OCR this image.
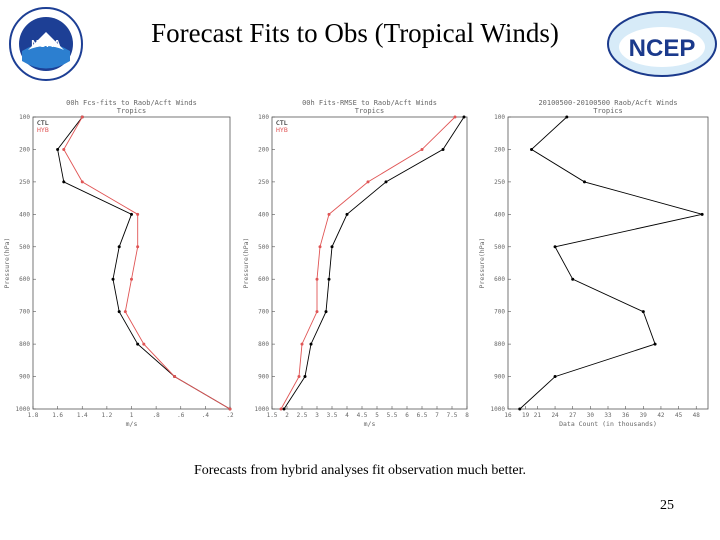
NOAA	Forecast Fits to Obs (Tropical Winds)
NCEP
00h Fcs-fits to Raob/Acft Winds
Tropics
100
200
250
400
500
600
700
800
900
1000
1.8 1.6 1.4 1.2	1	.8	.6	.4	.2
m/s
Pressure(hPa)
CTL
HYB
00h Fits-RMSE to Raob/Acft Winds
Tropics
100
200
250
400
500
600
700
800
900
1000
1.5 2 2.5 3 3.5 4 4.5 5 5.5 6 6.5 7 7.5 8
m/s
Pressure(hPa)
CTL
HYB
20100500-20100500 Raob/Acft Winds
Tropics
100
200
250
400
500
600
700
800
900
1000
16 19 21 24 27 30 33 36 39 42 45 48
Data Count (in thousands)
Pressure(hPa)
Forecasts from hybrid analyses fit observation much better.
25
